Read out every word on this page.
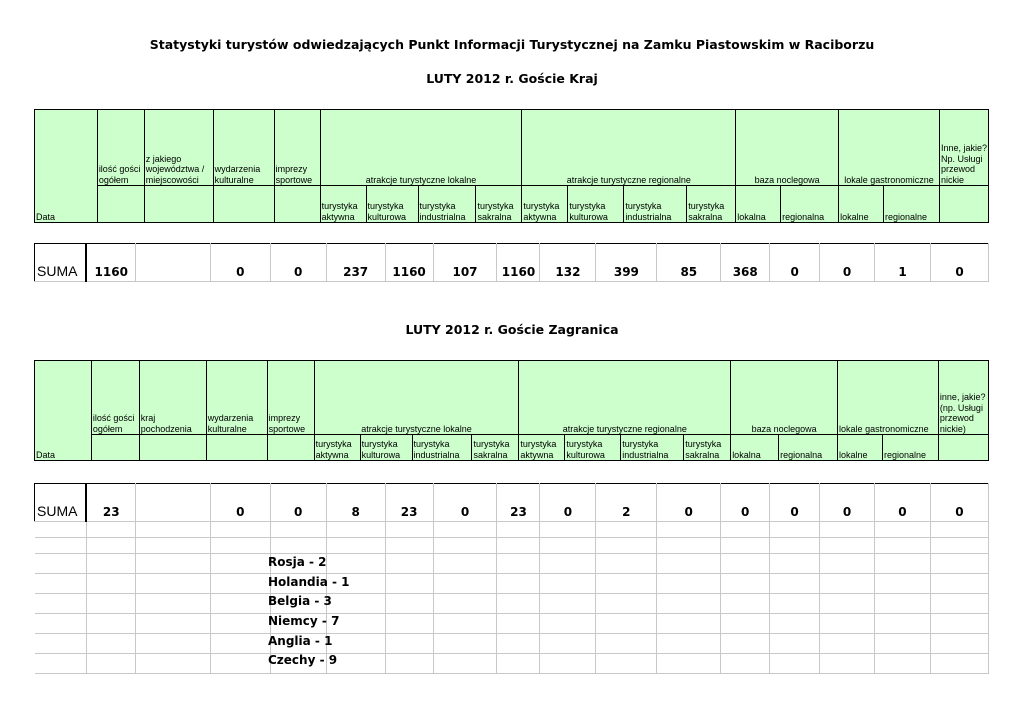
Statystyki turystów odwiedzających Punkt Informacji Turystycznej na Zamku Piastowskim w Raciborzu
LUTY 2012 r. Goście Kraj
Data	ilość gości ogółem	z jakiego województwa / miejscowości	wydarzenia kulturalne	imprezy sportowe	atrakcje turystyczne lokalne				atrakcje turystyczne regionalne				baza noclegowa		lokale gastronomiczne		Inne, jakie? Np. Usługi przewod nickie
					turystyka aktywna	turystyka kulturowa	turystyka industrialna	turystyka sakralna	turystyka aktywna	turystyka kulturowa	turystyka industrialna	turystyka sakralna	lokalna	regionalna	lokalne	regionalne	
SUMA	1160		0	0	237	1160	107	1160	132	399	85	368	0	0	1	0
LUTY 2012 r. Goście Zagranica
Data	ilość gości ogółem	kraj pochodzenia	wydarzenia kulturalne	imprezy sportowe	atrakcje turystyczne lokalne				atrakcje turystyczne regionalne				baza noclegowa		lokale gastronomiczne		inne, jakie? (np. Usługi przewod nickie)
					turystyka aktywna	turystyka kulturowa	turystyka industrialna	turystyka sakralna	turystyka aktywna	turystyka kulturowa	turystyka industrialna	turystyka sakralna	lokalna	regionalna	lokalne	regionalne	
SUMA	23		0	0	8	23	0	23	0	2	0	0	0	0	0	0

Rosja - 2
Holandia - 1
Belgia - 3
Niemcy - 7
Anglia - 1
Czechy - 9
